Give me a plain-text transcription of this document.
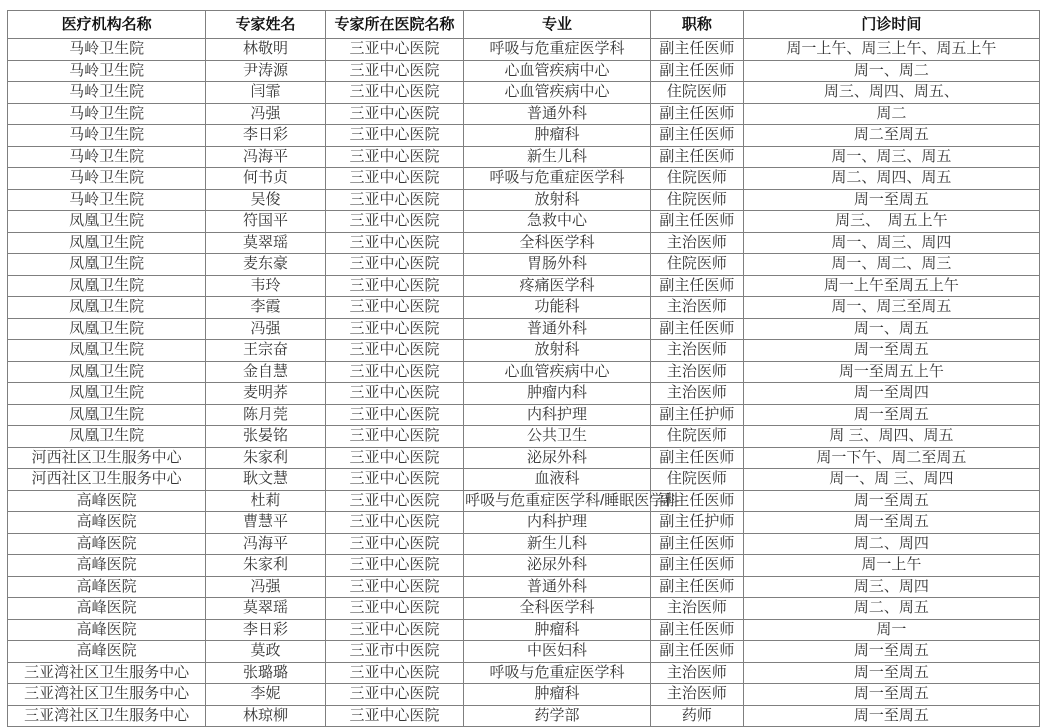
医疗机构名称	专家姓名	专家所在医院名称	专业	职称	门诊时间
马岭卫生院	林敬明	三亚中心医院	呼吸与危重症医学科	副主任医师	周一上午、周三上午、周五上午
马岭卫生院	尹涛源	三亚中心医院	心血管疾病中心	副主任医师	周一、周二
马岭卫生院	闫霏	三亚中心医院	心血管疾病中心	住院医师	周三、周四、周五、
马岭卫生院	冯强	三亚中心医院	普通外科	副主任医师	周二
马岭卫生院	李日彩	三亚中心医院	肿瘤科	副主任医师	周二至周五
马岭卫生院	冯海平	三亚中心医院	新生儿科	副主任医师	周一、周三、周五
马岭卫生院	何书贞	三亚中心医院	呼吸与危重症医学科	住院医师	周二、周四、周五
马岭卫生院	吴俊	三亚中心医院	放射科	住院医师	周一至周五
凤凰卫生院	符国平	三亚中心医院	急救中心	副主任医师	周三、　周五上午
凤凰卫生院	莫翠瑶	三亚中心医院	全科医学科	主治医师	周一、周三、周四
凤凰卫生院	麦东豪	三亚中心医院	胃肠外科	住院医师	周一、周二、周三
凤凰卫生院	韦玲	三亚中心医院	疼痛医学科	副主任医师	周一上午至周五上午
凤凰卫生院	李霞	三亚中心医院	功能科	主治医师	周一、周三至周五
凤凰卫生院	冯强	三亚中心医院	普通外科	副主任医师	周一、周五
凤凰卫生院	王宗奋	三亚中心医院	放射科	主治医师	周一至周五
凤凰卫生院	金自慧	三亚中心医院	心血管疾病中心	主治医师	周一至周五上午
凤凰卫生院	麦明荞	三亚中心医院	肿瘤内科	主治医师	周一至周四
凤凰卫生院	陈月莞	三亚中心医院	内科护理	副主任护师	周一至周五
凤凰卫生院	张晏铭	三亚中心医院	公共卫生	住院医师	周 三、周四、周五
河西社区卫生服务中心	朱家利	三亚中心医院	泌尿外科	副主任医师	周一下午、周二至周五
河西社区卫生服务中心	耿文慧	三亚中心医院	血液科	住院医师	周一、周 三、周四
高峰医院	杜莉	三亚中心医院	呼吸与危重症医学科/睡眠医学科	副主任医师	周一至周五
高峰医院	曹慧平	三亚中心医院	内科护理	副主任护师	周一至周五
高峰医院	冯海平	三亚中心医院	新生儿科	副主任医师	周二、周四
高峰医院	朱家利	三亚中心医院	泌尿外科	副主任医师	周一上午
高峰医院	冯强	三亚中心医院	普通外科	副主任医师	周三、周四
高峰医院	莫翠瑶	三亚中心医院	全科医学科	主治医师	周二、周五
高峰医院	李日彩	三亚中心医院	肿瘤科	副主任医师	周一
高峰医院	莫政	三亚市中医院	中医妇科	副主任医师	周一至周五
三亚湾社区卫生服务中心	张璐璐	三亚中心医院	呼吸与危重症医学科	主治医师	周一至周五
三亚湾社区卫生服务中心	李妮	三亚中心医院	肿瘤科	主治医师	周一至周五
三亚湾社区卫生服务中心	林琼柳	三亚中心医院	药学部	药师	周一至周五
